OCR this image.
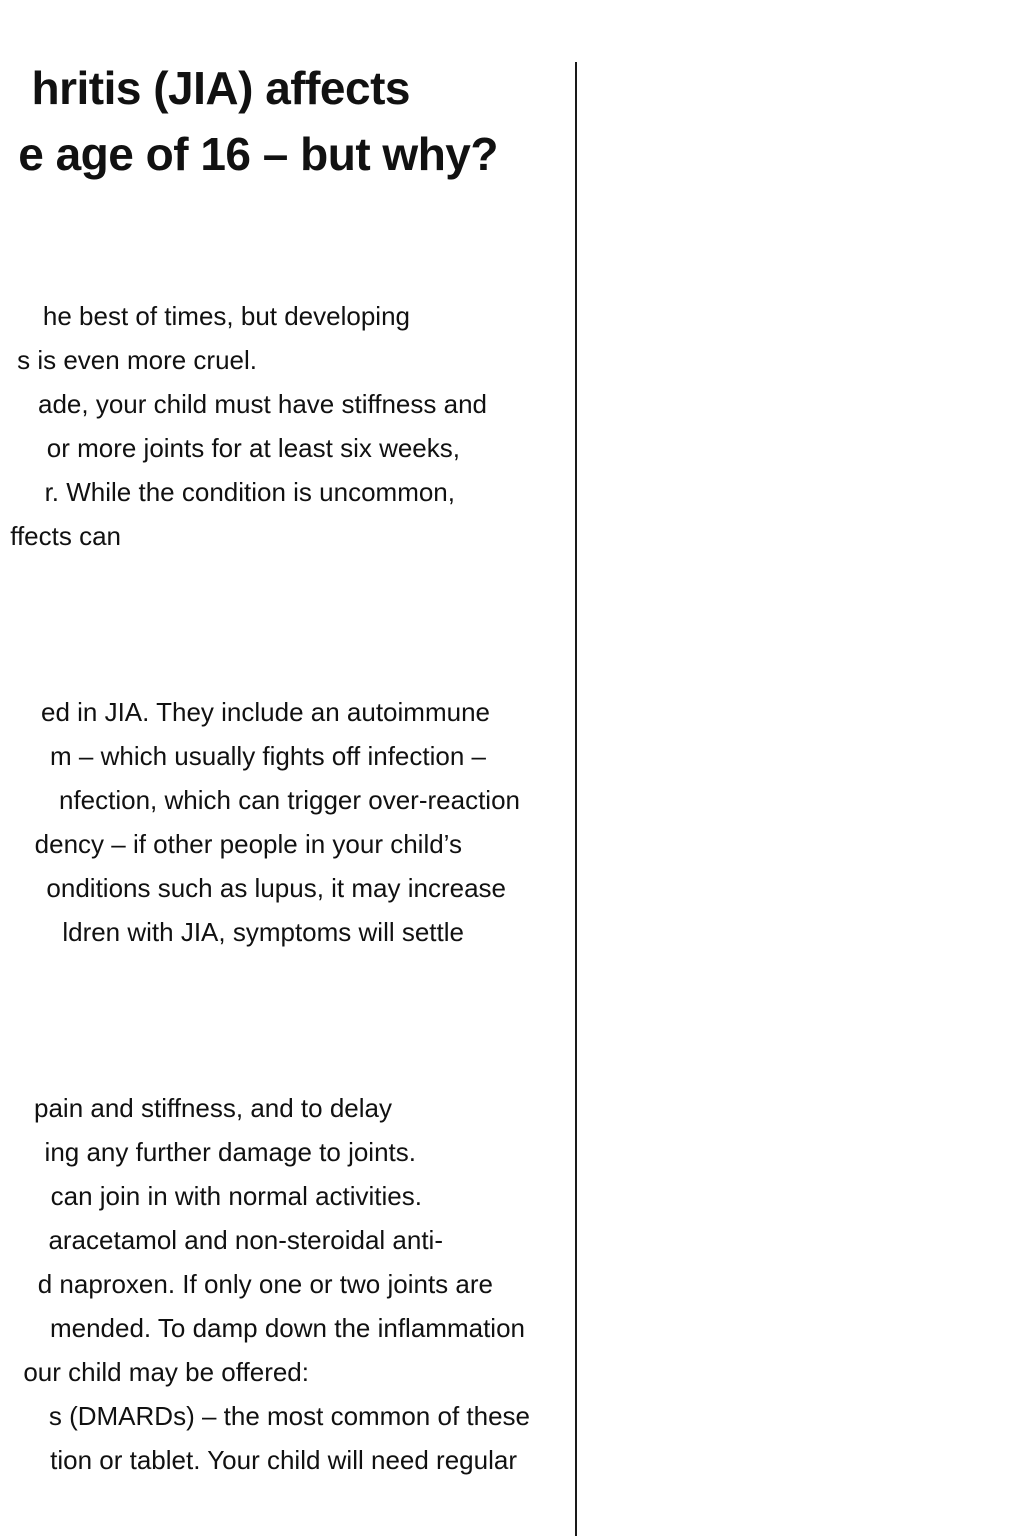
hritis (JIA) affects
e age of 16 – but why?
he best of times, but developing
s is even more cruel.
ade, your child must have stiffness and
or more joints for at least six weeks,
r. While the condition is uncommon,
ffects can
ed in JIA. They include an autoimmune
m – which usually fights off infection –
nfection, which can trigger over-reaction
dency – if other people in your child’s
onditions such as lupus, it may increase
ldren with JIA, symptoms will settle
pain and stiffness, and to delay
ing any further damage to joints.
can join in with normal activities.
aracetamol and non-steroidal anti-
d naproxen. If only one or two joints are
mended. To damp down the inflammation
our child may be offered:
s (DMARDs) – the most common of these
tion or tablet. Your child will need regular
